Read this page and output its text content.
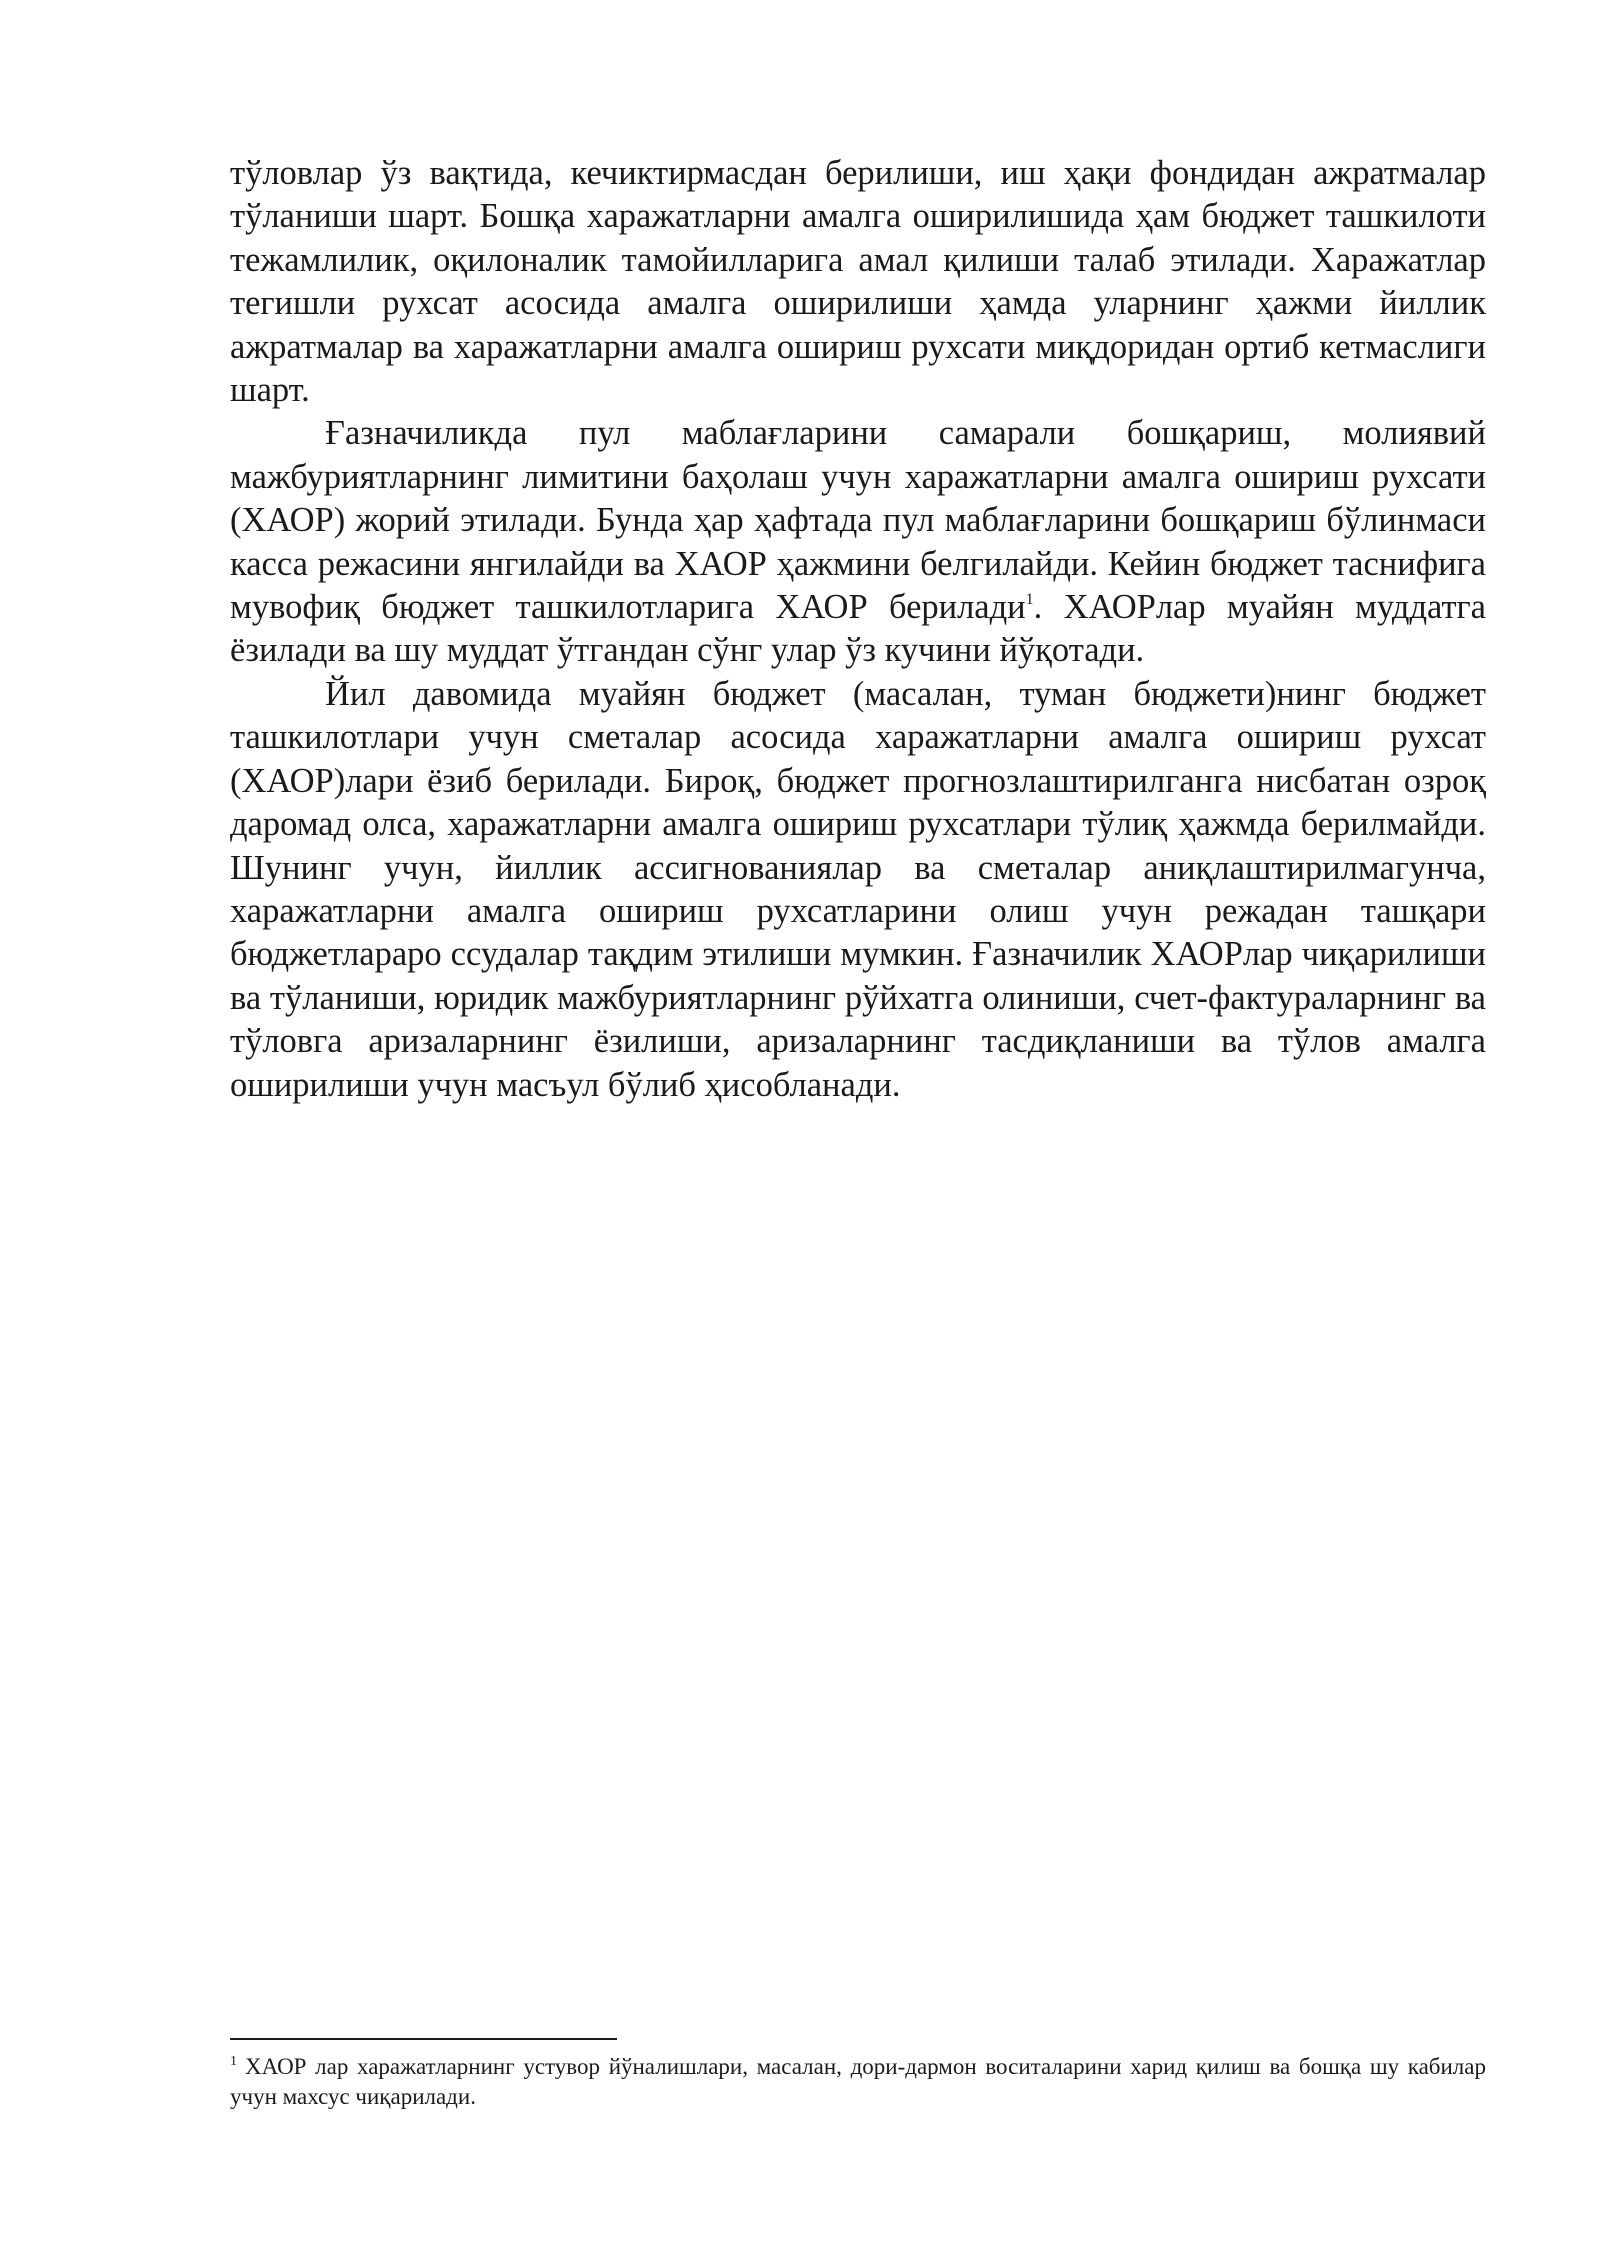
тўловлар ўз вақтида, кечиктирмасдан берилиши, иш ҳақи фондидан ажратмалар тўланиши шарт. Бошқа харажатларни амалга оширилишида ҳам бюджет ташкилоти тежамлилик, оқилоналик тамойилларига амал қилиши талаб этилади. Харажатлар тегишли рухсат асосида амалга оширилиши ҳамда уларнинг ҳажми йиллик ажратмалар ва харажатларни амалга ошириш рухсати миқдоридан ортиб кетмаслиги шарт.

Ғазначиликда пул маблағларини самарали бошқариш, молиявий мажбуриятларнинг лимитини баҳолаш учун харажатларни амалга ошириш рухсати (ХАОР) жорий этилади. Бунда ҳар ҳафтада пул маблағларини бошқариш бўлинмаси касса режасини янгилайди ва ХАОР ҳажмини белгилайди. Кейин бюджет таснифига мувофиқ бюджет ташкилотларига ХАОР берилади$^1$. ХАОРлар муайян муддатга ёзилади ва шу муддат ўтгандан сўнг улар ўз кучини йўқотади.

Йил давомида муайян бюджет (масалан, туман бюджети)нинг бюджет ташкилотлари учун сметалар асосида харажатларни амалга ошириш рухсат (ХАОР)лари ёзиб берилади. Бироқ, бюджет прогнозлаштирилганга нисбатан озроқ даромад олса, харажатларни амалга ошириш рухсатлари тўлиқ ҳажмда берилмайди. Шунинг учун, йиллик ассигнованиялар ва сметалар аниқлаштирилмагунча, харажатларни амалга ошириш рухсатларини олиш учун режадан ташқари бюджетлараро ссудалар тақдим этилиши мумкин. Ғазначилик ХАОРлар чиқарилиши ва тўланиши, юридик мажбуриятларнинг рўйхатга олиниши, счет-фактураларнинг ва тўловга аризаларнинг ёзилиши, аризаларнинг тасдиқланиши ва тўлов амалга оширилиши учун масъул бўлиб ҳисобланади.

$^1$ ХАОР лар харажатларнинг устувор йўналишлари, масалан, дори-дармон воситаларини харид қилиш ва бошқа шу кабилар учун махсус чиқарилади.
